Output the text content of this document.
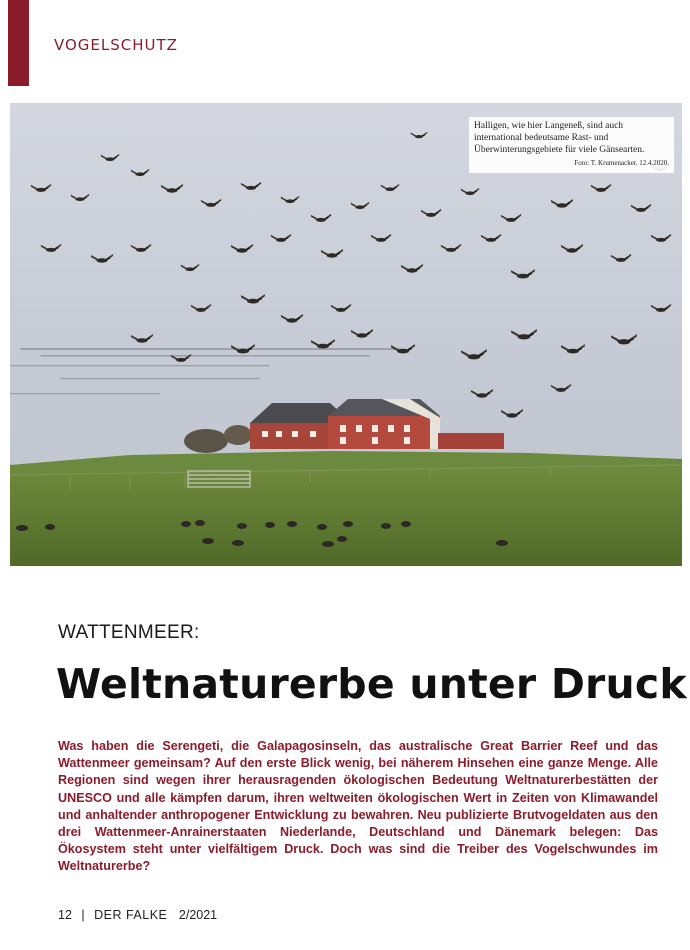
VOGELSCHUTZ
Halligen, wie hier Langeneß, sind auch international bedeutsame Rast- und Überwinterungsgebiete für viele Gänsearten.
Foto: T. Krumenacker. 12.4.2020.
WATTENMEER:
Weltnaturerbe unter Druck
Was haben die Serengeti, die Galapagosinseln, das australische Great Barrier Reef und das Wattenmeer gemeinsam? Auf den erste Blick wenig, bei näherem Hinsehen eine ganze Menge. Alle Regionen sind wegen ihrer herausragenden ökologischen Bedeutung Weltnaturerbestätten der UNESCO und alle kämpfen darum, ihren weltweiten ökologischen Wert in Zeiten von Klimawandel und anhaltender anthropogener Entwicklung zu bewahren. Neu publizierte Brutvogeldaten aus den drei Wattenmeer-Anrainerstaaten Niederlande, Deutschland und Dänemark belegen: Das Ökosystem steht unter vielfältigem Druck. Doch was sind die Treiber des Vogelschwundes im Weltnaturerbe?
12 | DER FALKE 2/2021
